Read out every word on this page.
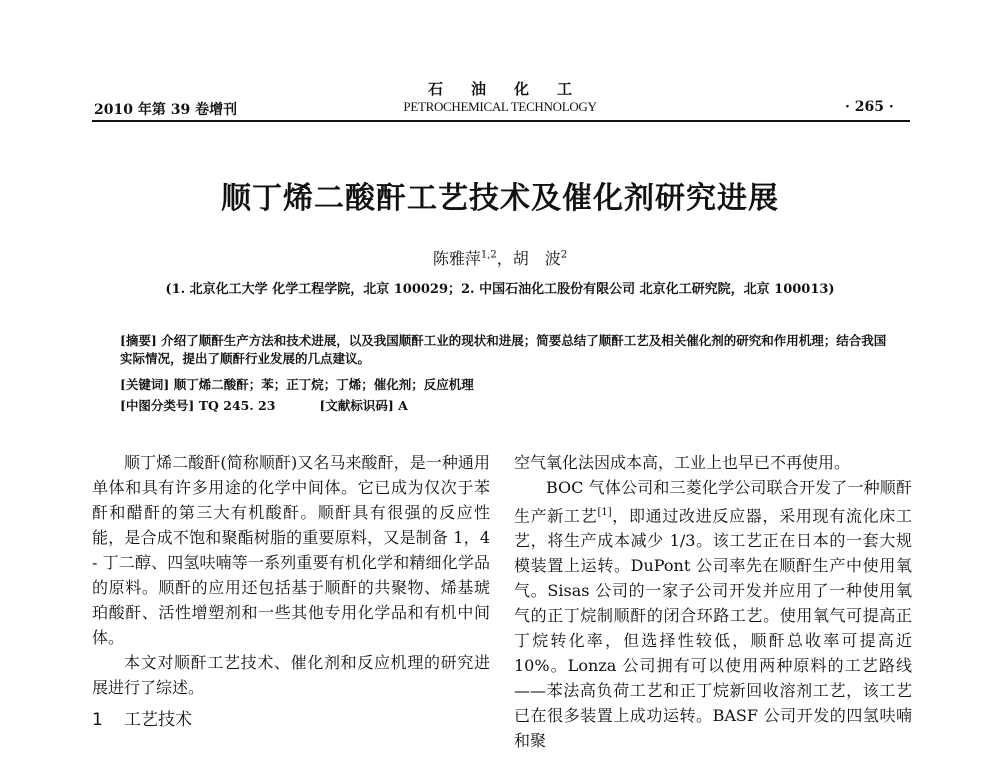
石油化工
2010 年第 39 卷增刊	PETROCHEMICAL TECHNOLOGY	· 265 ·
顺丁烯二酸酐工艺技术及催化剂研究进展
陈雅萍$^{1,2}$，胡　波$^2$
(1. 北京化工大学 化学工程学院，北京 100029；2. 中国石油化工股份有限公司 北京化工研究院，北京 100013)
[摘要] 介绍了顺酐生产方法和技术进展，以及我国顺酐工业的现状和进展；简要总结了顺酐工艺及相关催化剂的研究和作用机理；结合我国实际情况，提出了顺酐行业发展的几点建议。
[关键词] 顺丁烯二酸酐；苯；正丁烷；丁烯；催化剂；反应机理
[中图分类号] TQ 245. 23	[文献标识码] A

顺丁烯二酸酐(简称顺酐)又名马来酸酐，是一种通用单体和具有许多用途的化学中间体。它已成为仅次于苯酐和醋酐的第三大有机酸酐。顺酐具有很强的反应性能，是合成不饱和聚酯树脂的重要原料，又是制备 1，4 - 丁二醇、四氢呋喃等一系列重要有机化学和精细化学品的原料。顺酐的应用还包括基于顺酐的共聚物、烯基琥珀酸酐、活性增塑剂和一些其他专用化学品和有机中间体。

本文对顺酐工艺技术、催化剂和反应机理的研究进展进行了综述。

1 工艺技术

空气氧化法因成本高，工业上也早已不再使用。

BOC 气体公司和三菱化学公司联合开发了一种顺酐生产新工艺[1]，即通过改进反应器，采用现有流化床工艺，将生产成本减少 1/3。该工艺正在日本的一套大规模装置上运转。DuPont 公司率先在顺酐生产中使用氧气。Sisas 公司的一家子公司开发并应用了一种使用氧气的正丁烷制顺酐的闭合环路工艺。使用氧气可提高正丁烷转化率，但选择性较低，顺酐总收率可提高近 10%。Lonza 公司拥有可以使用两种原料的工艺路线——苯法高负荷工艺和正丁烷新回收溶剂工艺，该工艺已在很多装置上成功运转。BASF 公司开发的四氢呋喃和聚
